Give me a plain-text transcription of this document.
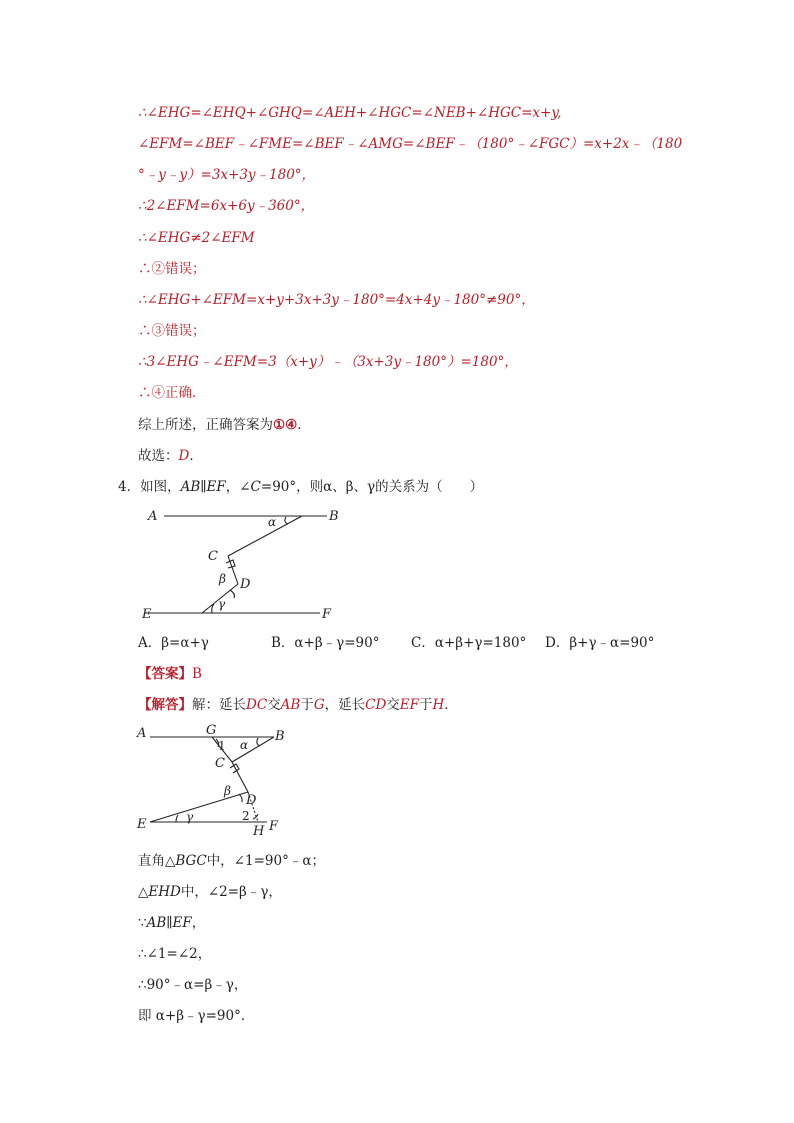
∴∠EHG=∠EHQ+∠GHQ=∠AEH+∠HGC=∠NEB+∠HGC=x+y,
∠EFM=∠BEF﹣∠FME=∠BEF﹣∠AMG=∠BEF﹣（180°﹣∠FGC）=x+2x﹣（180
°﹣y﹣y）=3x+3y﹣180°，
∴2∠EFM=6x+6y﹣360°，
∴∠EHG≠2∠EFM
∴②错误；
∴∠EHG+∠EFM=x+y+3x+3y﹣180°=4x+4y﹣180°≠90°，
∴③错误；
∴3∠EHG﹣∠EFM=3（x+y）﹣（3x+3y﹣180°）=180°，
∴④正确．
综上所述，正确答案为①④．
故选：D．
4．如图，AB∥EF，∠C=90°，则α、β、γ的关系为（　　）
A	B
C
D
E	F
α
β
γ
A．β=α+γ	B．α+β﹣γ=90° C．α+β+γ=180° D．β+γ﹣α=90°
【答案】B
【解答】解：延长DC交AB于G，延长CD交EF于H．
A	B
G
C
D
E	F
H
α
β
γ
1
2
直角△BGC中，∠1=90°﹣α；
△EHD中，∠2=β﹣γ，
∵AB∥EF，
∴∠1=∠2，
∴90°﹣α=β﹣γ，
即 α+β﹣γ=90°．
